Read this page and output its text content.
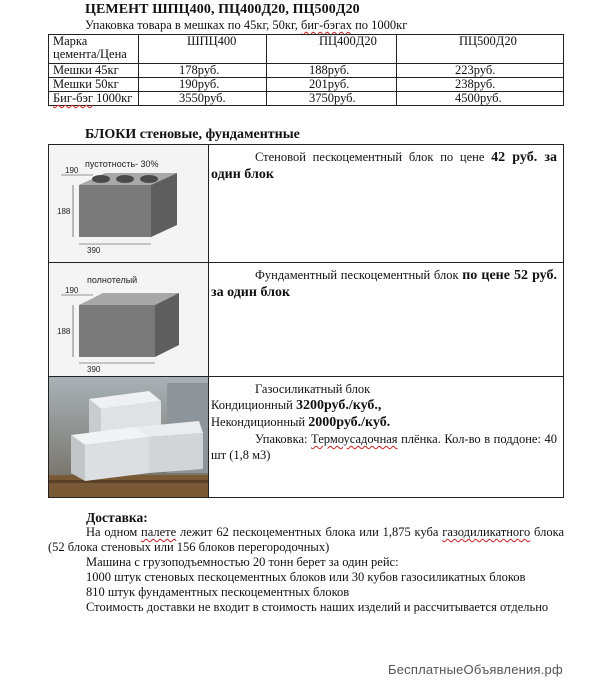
ЦЕМЕНТ ШПЦ400, ПЦ400Д20, ПЦ500Д20
Упаковка товара в мешках по 45кг, 50кг, биг-бэгах по 1000кг
Марка цемента/Цена	ШПЦ400	ПЦ400Д20	ПЦ500Д20
Мешки 45кг	178руб.	188руб.	223руб.
Мешки 50кг	190руб.	201руб.	238руб.
Биг-бэг 1000кг	3550руб.	3750руб.	4500руб.
БЛОКИ стеновые, фундаментные
пустотность- 30%
190
188
390	Стеновой пескоцементный блок по цене 42 руб. за один блок

полнотелый
190
188
390	Фундаментный пескоцементный блок по цене 52 руб. за один блок

Газосиликатный блок

Кондиционный 3200руб./куб.,

Некондиционный 2000руб./куб.

Упаковка: Термоусадочная плёнка. Кол-во в поддоне: 40 шт (1,8 м3)

Доставка:

На одном палете лежит 62 пескоцементных блока или 1,875 куба газодиликатного блока (52 блока стеновых или 156 блоков перегородочных)

Машина с грузоподъемностью 20 тонн берет за один рейс:

1000 штук стеновых пескоцементных блоков или 30 кубов газосиликатных блоков

810 штук фундаментных пескоцементных блоков

Стоимость доставки не входит в стоимость наших изделий и рассчитывается отдельно

БесплатныеОбъявления.рф
